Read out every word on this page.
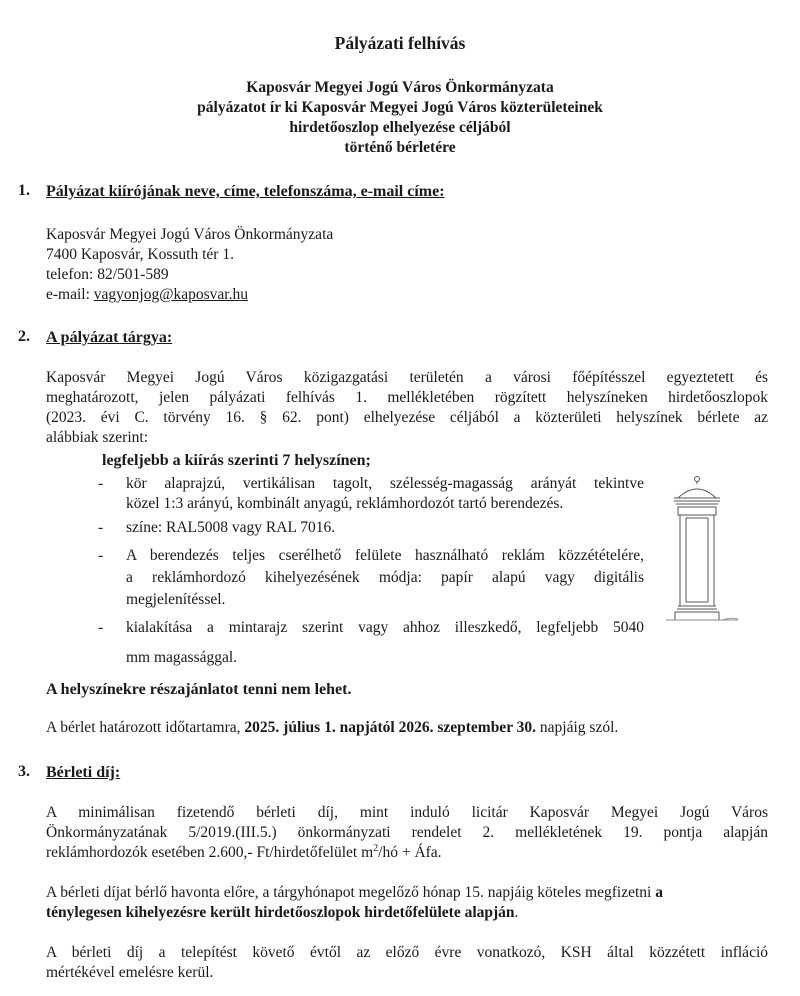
Pályázati felhívás
Kaposvár Megyei Jogú Város Önkormányzata
pályázatot ír ki Kaposvár Megyei Jogú Város közterületeinek
hirdetőoszlop elhelyezése céljából
történő bérletére
1. Pályázat kiírójának neve, címe, telefonszáma, e-mail címe:
Kaposvár Megyei Jogú Város Önkormányzata
7400 Kaposvár, Kossuth tér 1.
telefon: 82/501-589
e-mail: vagyonjog@kaposvar.hu
2. A pályázat tárgya:
Kaposvár Megyei Jogú Város közigazgatási területén a városi főépítésszel egyeztetett és
meghatározott, jelen pályázati felhívás 1. mellékletében rögzített helyszíneken hirdetőoszlopok
(2023. évi C. törvény 16. § 62. pont) elhelyezése céljából a közterületi helyszínek bérlete az
alábbiak szerint:
legfeljebb a kiírás szerinti 7 helyszínen;
- kör alaprajzú, vertikálisan tagolt, szélesség-magasság arányát tekintve
közel 1:3 arányú, kombinált anyagú, reklámhordozót tartó berendezés.
- színe: RAL5008 vagy RAL 7016.
- A berendezés teljes cserélhető felülete használható reklám közzétételére,
a reklámhordozó kihelyezésének módja: papír alapú vagy digitális
megjelenítéssel.
- kialakítása a mintarajz szerint vagy ahhoz illeszkedő, legfeljebb 5040
mm magassággal.
A helyszínekre részajánlatot tenni nem lehet.
A bérlet határozott időtartamra, 2025. július 1. napjától 2026. szeptember 30. napjáig szól.
3. Bérleti díj:
A minimálisan fizetendő bérleti díj, mint induló licitár Kaposvár Megyei Jogú Város
Önkormányzatának 5/2019.(III.5.) önkormányzati rendelet 2. mellékletének 19. pontja alapján
reklámhordozók esetében 2.600,- Ft/hirdetőfelület $m^2/hó$ + Áfa.
A bérleti díjat bérlő havonta előre, a tárgyhónapot megelőző hónap 15. napjáig köteles megfizetni a
ténylegesen kihelyezésre került hirdetőoszlopok hirdetőfelülete alapján.
A bérleti díj a telepítést követő évtől az előző évre vonatkozó, KSH által közzétett infláció
mértékével emelésre kerül.
